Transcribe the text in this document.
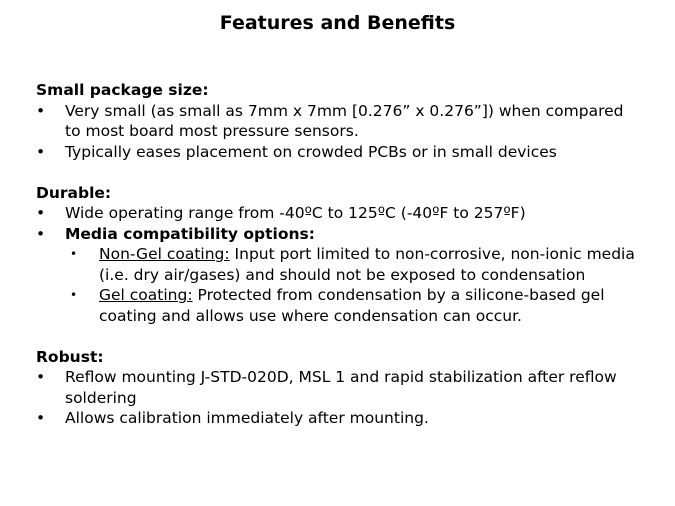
Features and Benefits
Small package size:
• Very small (as small as 7mm x 7mm [0.276” x 0.276”]) when compared to most board most pressure sensors.
• Typically eases placement on crowded PCBs or in small devices
Durable:
• Wide operating range from -40ºC to 125ºC (-40ºF to 257ºF)
• Media compatibility options:
• Non-Gel coating: Input port limited to non-corrosive, non-ionic media (i.e. dry air/gases) and should not be exposed to condensation
• Gel coating: Protected from condensation by a silicone-based gel coating and allows use where condensation can occur.
Robust:
• Reflow mounting J-STD-020D, MSL 1 and rapid stabilization after reflow soldering
• Allows calibration immediately after mounting.
